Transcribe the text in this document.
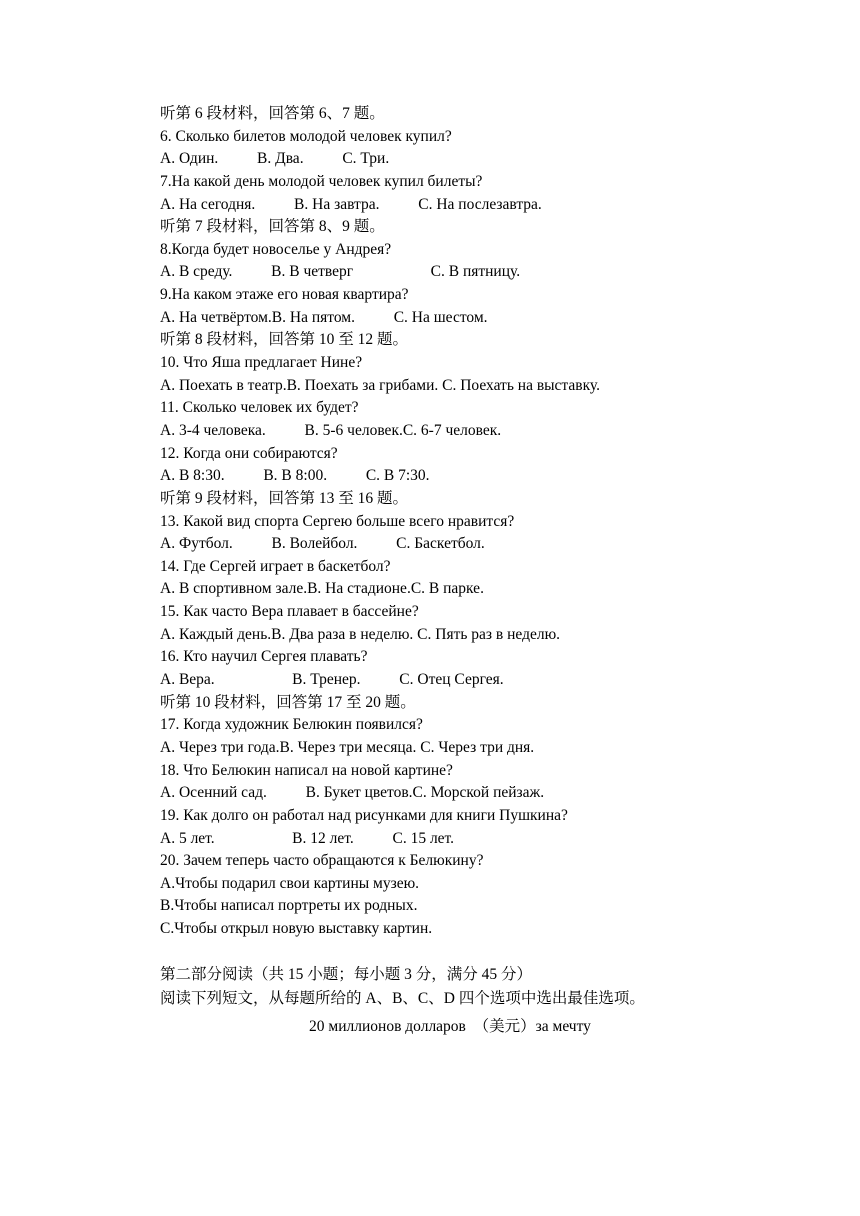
听第 6 段材料，回答第 6、7 题。
6. Сколько билетов молодой человек купил?
A. Один.          B. Два.          C. Три.
7.На какой день молодой человек купил билеты?
A. На сегодня.          B. На завтра.          C. На послезавтра.
听第 7 段材料，回答第 8、9 题。
8.Когда будет новоселье у Андрея?
A. В среду.          B. В четверг                    C. В пятницу.
9.На каком этаже его новая квартира?
A. На четвёртом.B. На пятом.          C. На шестом.
听第 8 段材料，回答第 10 至 12 题。
10. Что Яша предлагает Нине?
A. Поехать в театр.B. Поехать за грибами. C. Поехать на выставку.
11. Сколько человек их будет?
A. 3-4 человека.          B. 5-6 человек.C. 6-7 человек.
12. Когда они собираются?
A. В 8:30.          B. В 8:00.          C. В 7:30.
听第 9 段材料，回答第 13 至 16 题。
13. Какой вид спорта Сергею больше всего нравится?
A. Футбол.          B. Волейбол.          C. Баскетбол.
14. Где Сергей играет в баскетбол?
A. В спортивном зале.B. На стадионе.C. В парке.
15. Как часто Вера плавает в бассейне?
A. Каждый день.B. Два раза в неделю. C. Пять раз в неделю.
16. Кто научил Сергея плавать?
A. Вера.                    B. Тренер.          C. Отец Сергея.
听第 10 段材料，回答第 17 至 20 题。
17. Когда художник Белюкин появился?
A. Через три года.B. Через три месяца. C. Через три дня.
18. Что Белюкин написал на новой картине?
A. Осенний сад.          B. Букет цветов.C. Морской пейзаж.
19. Как долго он работал над рисунками для книги Пушкина?
A. 5 лет.                    B. 12 лет.          C. 15 лет.
20. Зачем теперь часто обращаются к Белюкину?
A.Чтобы подарил свои картины музею.
B.Чтобы написал портреты их родных.
C.Чтобы открыл новую выставку картин.
第二部分阅读（共 15 小题；每小题 3 分，满分 45 分）
阅读下列短文，从每题所给的 A、B、C、D 四个选项中选出最佳选项。
20 миллионов долларов  （美元）за мечту
